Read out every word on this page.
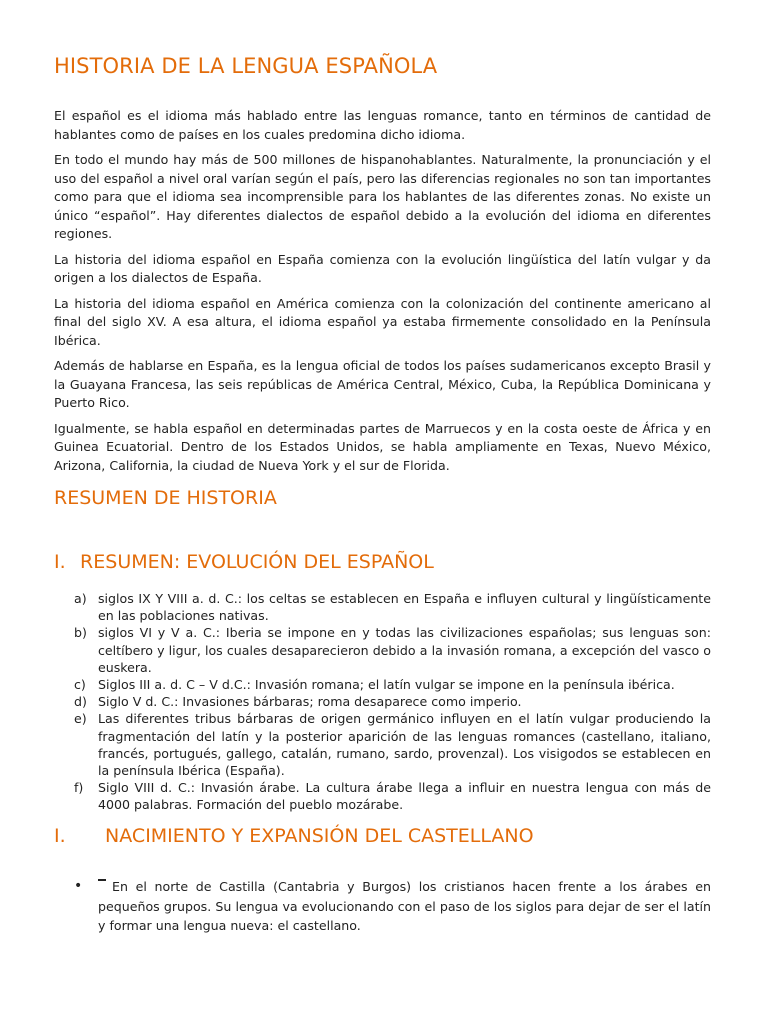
HISTORIA DE LA LENGUA ESPAÑOLA

El español es el idioma más hablado entre las lenguas romance, tanto en términos de cantidad de hablantes como de países en los cuales predomina dicho idioma.

En todo el mundo hay más de 500 millones de hispanohablantes. Naturalmente, la pronunciación y el uso del español a nivel oral varían según el país, pero las diferencias regionales no son tan importantes como para que el idioma sea incomprensible para los hablantes de las diferentes zonas. No existe un único “español”. Hay diferentes dialectos de español debido a la evolución del idioma en diferentes regiones.

La historia del idioma español en España comienza con la evolución lingüística del latín vulgar y da origen a los dialectos de España.

La historia del idioma español en América comienza con la colonización del continente americano al final del siglo XV. A esa altura, el idioma español ya estaba firmemente consolidado en la Península Ibérica.

Además de hablarse en España, es la lengua oficial de todos los países sudamericanos excepto Brasil y la Guayana Francesa, las seis repúblicas de América Central, México, Cuba, la República Dominicana y Puerto Rico.

Igualmente, se habla español en determinadas partes de Marruecos y en la costa oeste de África y en Guinea Ecuatorial. Dentro de los Estados Unidos, se habla ampliamente en Texas, Nuevo México, Arizona, California, la ciudad de Nueva York y el sur de Florida.

RESUMEN DE HISTORIA
I. RESUMEN: EVOLUCIÓN DEL ESPAÑOL
a) siglos IX Y VIII a. d. C.: los celtas se establecen en España e influyen cultural y lingüísticamente en las poblaciones nativas.
b) siglos VI y V a. C.: Iberia se impone en y todas las civilizaciones españolas; sus lenguas son: celtíbero y ligur, los cuales desaparecieron debido a la invasión romana, a excepción del vasco o euskera.
c) Siglos III a. d. C – V d.C.: Invasión romana; el latín vulgar se impone en la península ibérica.
d) Siglo V d. C.: Invasiones bárbaras; roma desaparece como imperio.
e) Las diferentes tribus bárbaras de origen germánico influyen en el latín vulgar produciendo la fragmentación del latín y la posterior aparición de las lenguas romances (castellano, italiano, francés, portugués, gallego, catalán, rumano, sardo, provenzal). Los visigodos se establecen en la península Ibérica (España).
f)	Siglo VIII d. C.: Invasión árabe. La cultura árabe llega a influir en nuestra lengua con más de 4000 palabras. Formación del pueblo mozárabe.
I. NACIMIENTO Y EXPANSIÓN DEL CASTELLANO
•	En el norte de Castilla (Cantabria y Burgos) los cristianos hacen frente a los árabes en pequeños grupos. Su lengua va evolucionando con el paso de los siglos para dejar de ser el latín y formar una lengua nueva: el castellano.
